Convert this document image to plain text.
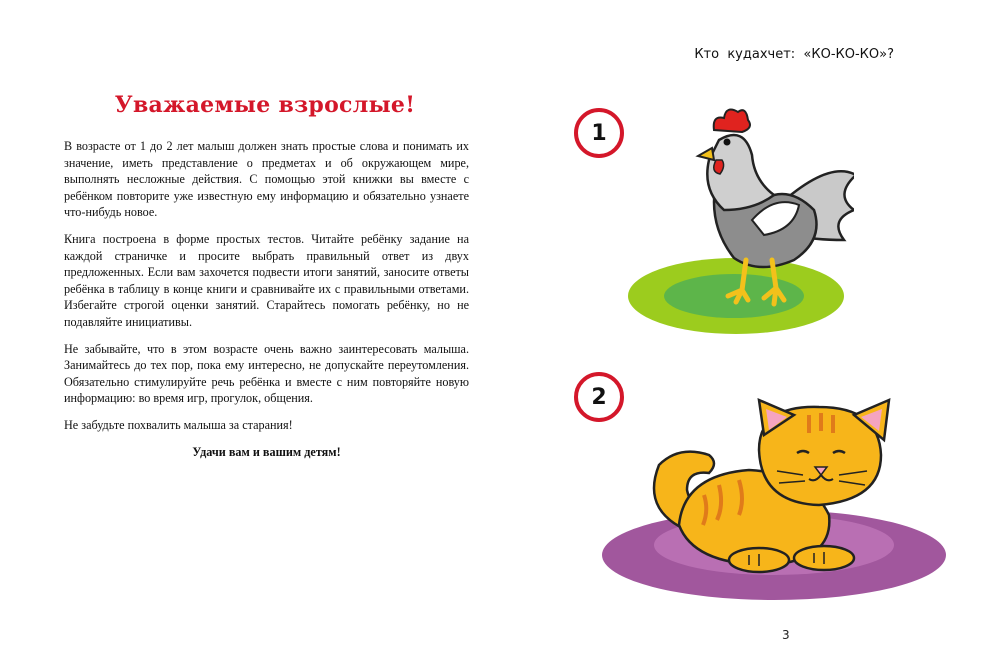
Уважаемые взрослые!

В возрасте от 1 до 2 лет малыш должен знать простые слова и понимать их значение, иметь представление о предметах и об окружающем мире, выполнять несложные действия. С помощью этой книжки вы вместе с ребёнком повторите уже известную ему информацию и обязательно узнаете что-нибудь новое.

Книга построена в форме простых тестов. Читайте ребёнку задание на каждой страничке и просите выбрать правильный ответ из двух предложенных. Если вам захочется подвести итоги занятий, заносите ответы ребёнка в таблицу в конце книги и сравнивайте их с правильными ответами. Избегайте строгой оценки занятий. Старайтесь помогать ребёнку, но не подавляйте инициативы.

Не забывайте, что в этом возрасте очень важно заинтересовать малыша. Занимайтесь до тех пор, пока ему интересно, не допускайте переутомления. Обязательно стимулируйте речь ребёнка и вместе с ним повторяйте новую информацию: во время игр, прогулок, общения.

Не забудьте похвалить малыша за старания!

Удачи вам и вашим детям!

Кто  кудахчет:  «КО-КО-КО»?
1
2
3
